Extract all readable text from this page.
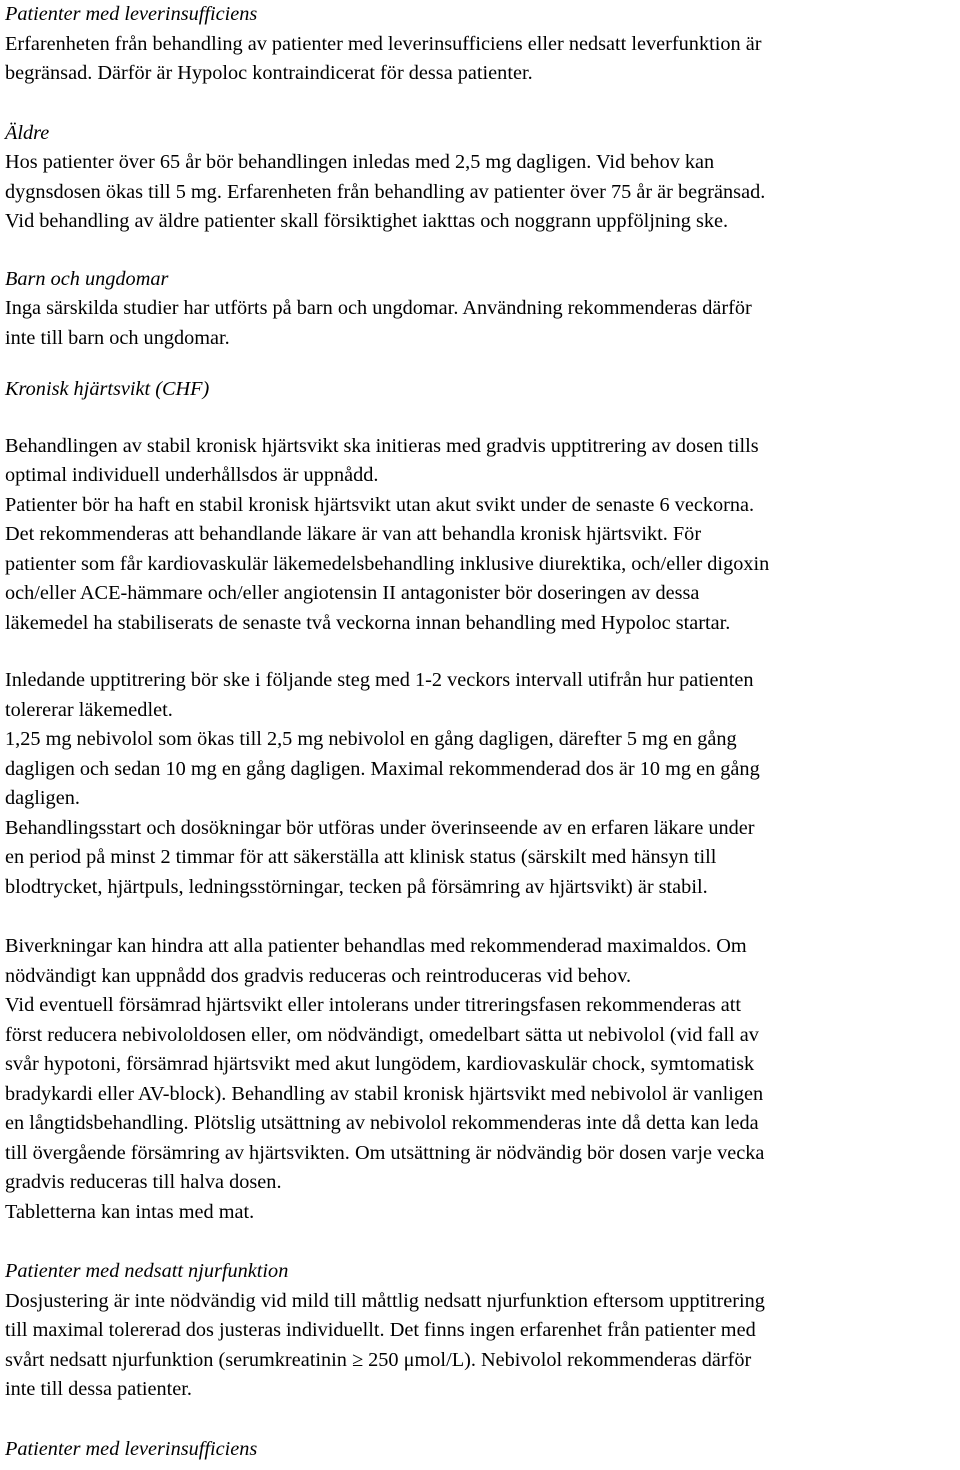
Patienter med leverinsufficiens
Erfarenheten från behandling av patienter med leverinsufficiens eller nedsatt leverfunktion är
begränsad. Därför är Hypoloc kontraindicerat för dessa patienter.
Äldre
Hos patienter över 65 år bör behandlingen inledas med 2,5 mg dagligen. Vid behov kan
dygnsdosen ökas till 5 mg. Erfarenheten från behandling av patienter över 75 år är begränsad.
Vid behandling av äldre patienter skall försiktighet iakttas och noggrann uppföljning ske.
Barn och ungdomar
Inga särskilda studier har utförts på barn och ungdomar. Användning rekommenderas därför
inte till barn och ungdomar.
Kronisk hjärtsvikt (CHF)
Behandlingen av stabil kronisk hjärtsvikt ska initieras med gradvis upptitrering av dosen tills
optimal individuell underhållsdos är uppnådd.
Patienter bör ha haft en stabil kronisk hjärtsvikt utan akut svikt under de senaste 6 veckorna.
Det rekommenderas att behandlande läkare är van att behandla kronisk hjärtsvikt. För
patienter som får kardiovaskulär läkemedelsbehandling inklusive diurektika, och/eller digoxin
och/eller ACE-hämmare och/eller angiotensin II antagonister bör doseringen av dessa
läkemedel ha stabiliserats de senaste två veckorna innan behandling med Hypoloc startar.
Inledande upptitrering bör ske i följande steg med 1-2 veckors intervall utifrån hur patienten
tolererar läkemedlet.
1,25 mg nebivolol som ökas till 2,5 mg nebivolol en gång dagligen, därefter 5 mg en gång
dagligen och sedan 10 mg en gång dagligen. Maximal rekommenderad dos är 10 mg en gång
dagligen.
Behandlingsstart och dosökningar bör utföras under överinseende av en erfaren läkare under
en period på minst 2 timmar för att säkerställa att klinisk status (särskilt med hänsyn till
blodtrycket, hjärtpuls, ledningsstörningar, tecken på försämring av hjärtsvikt) är stabil.
Biverkningar kan hindra att alla patienter behandlas med rekommenderad maximaldos. Om
nödvändigt kan uppnådd dos gradvis reduceras och reintroduceras vid behov.
Vid eventuell försämrad hjärtsvikt eller intolerans under titreringsfasen rekommenderas att
först reducera nebivololdosen eller, om nödvändigt, omedelbart sätta ut nebivolol (vid fall av
svår hypotoni, försämrad hjärtsvikt med akut lungödem, kardiovaskulär chock, symtomatisk
bradykardi eller AV-block). Behandling av stabil kronisk hjärtsvikt med nebivolol är vanligen
en långtidsbehandling. Plötslig utsättning av nebivolol rekommenderas inte då detta kan leda
till övergående försämring av hjärtsvikten. Om utsättning är nödvändig bör dosen varje vecka
gradvis reduceras till halva dosen.
Tabletterna kan intas med mat.
Patienter med nedsatt njurfunktion
Dosjustering är inte nödvändig vid mild till måttlig nedsatt njurfunktion eftersom upptitrering
till maximal tolererad dos justeras individuellt. Det finns ingen erfarenhet från patienter med
svårt nedsatt njurfunktion (serumkreatinin ≥ 250 μmol/L). Nebivolol rekommenderas därför
inte till dessa patienter.
Patienter med leverinsufficiens
